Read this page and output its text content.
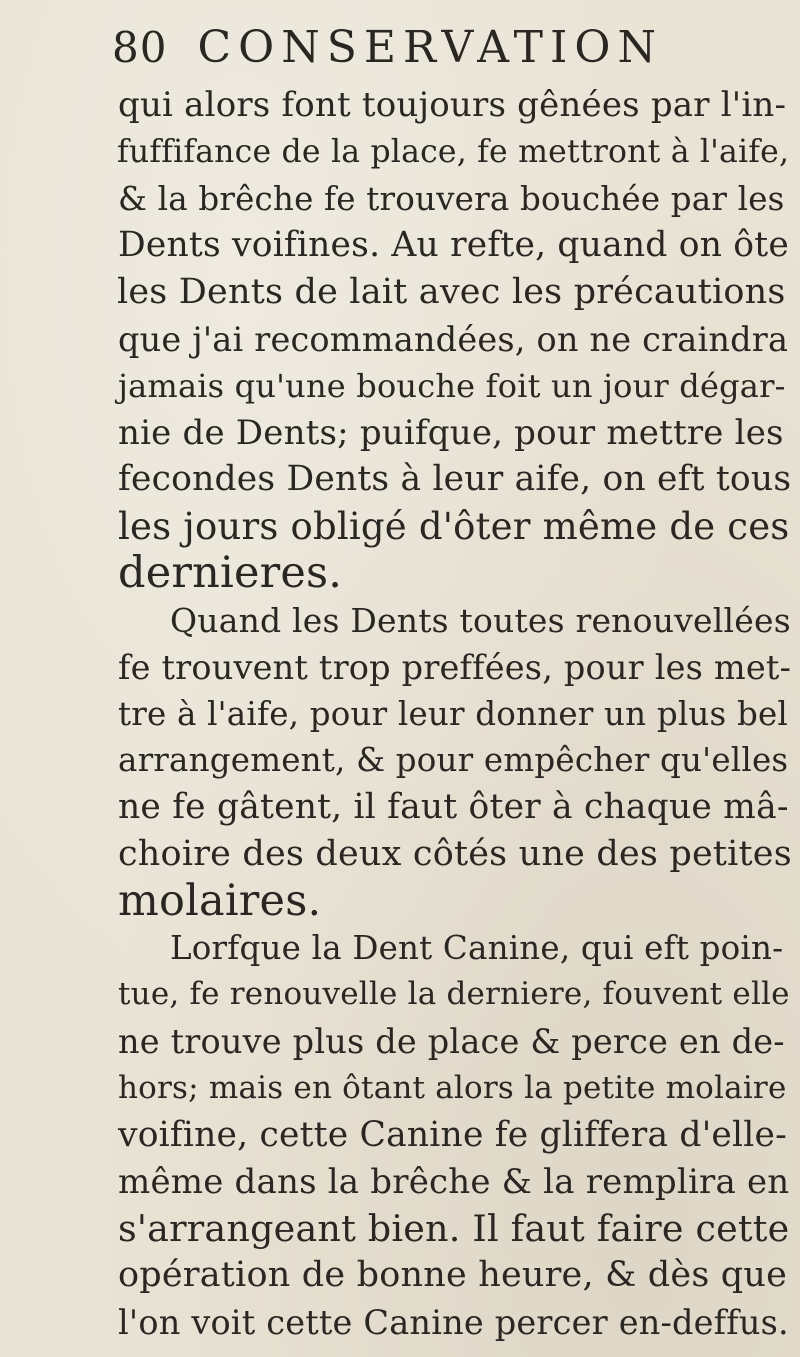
80 CONSERVATION
qui alors font toujours gênées par l'in-
fuffifance de la place, fe mettront à l'aife,
& la brêche fe trouvera bouchée par les
Dents voifines. Au refte, quand on ôte
les Dents de lait avec les précautions
que j'ai recommandées, on ne craindra
jamais qu'une bouche foit un jour dégar-
nie de Dents; puifque, pour mettre les
fecondes Dents à leur aife, on eft tous
les jours obligé d'ôter même de ces
dernieres.
Quand les Dents toutes renouvellées
fe trouvent trop preffées, pour les met-
tre à l'aife, pour leur donner un plus bel
arrangement, & pour empêcher qu'elles
ne fe gâtent, il faut ôter à chaque mâ-
choire des deux côtés une des petites
molaires.
Lorfque la Dent Canine, qui eft poin-
tue, fe renouvelle la derniere, fouvent elle
ne trouve plus de place & perce en de-
hors; mais en ôtant alors la petite molaire
voifine, cette Canine fe gliffera d'elle-
même dans la brêche & la remplira en
s'arrangeant bien. Il faut faire cette
opération de bonne heure, & dès que
l'on voit cette Canine percer en-deffus.
